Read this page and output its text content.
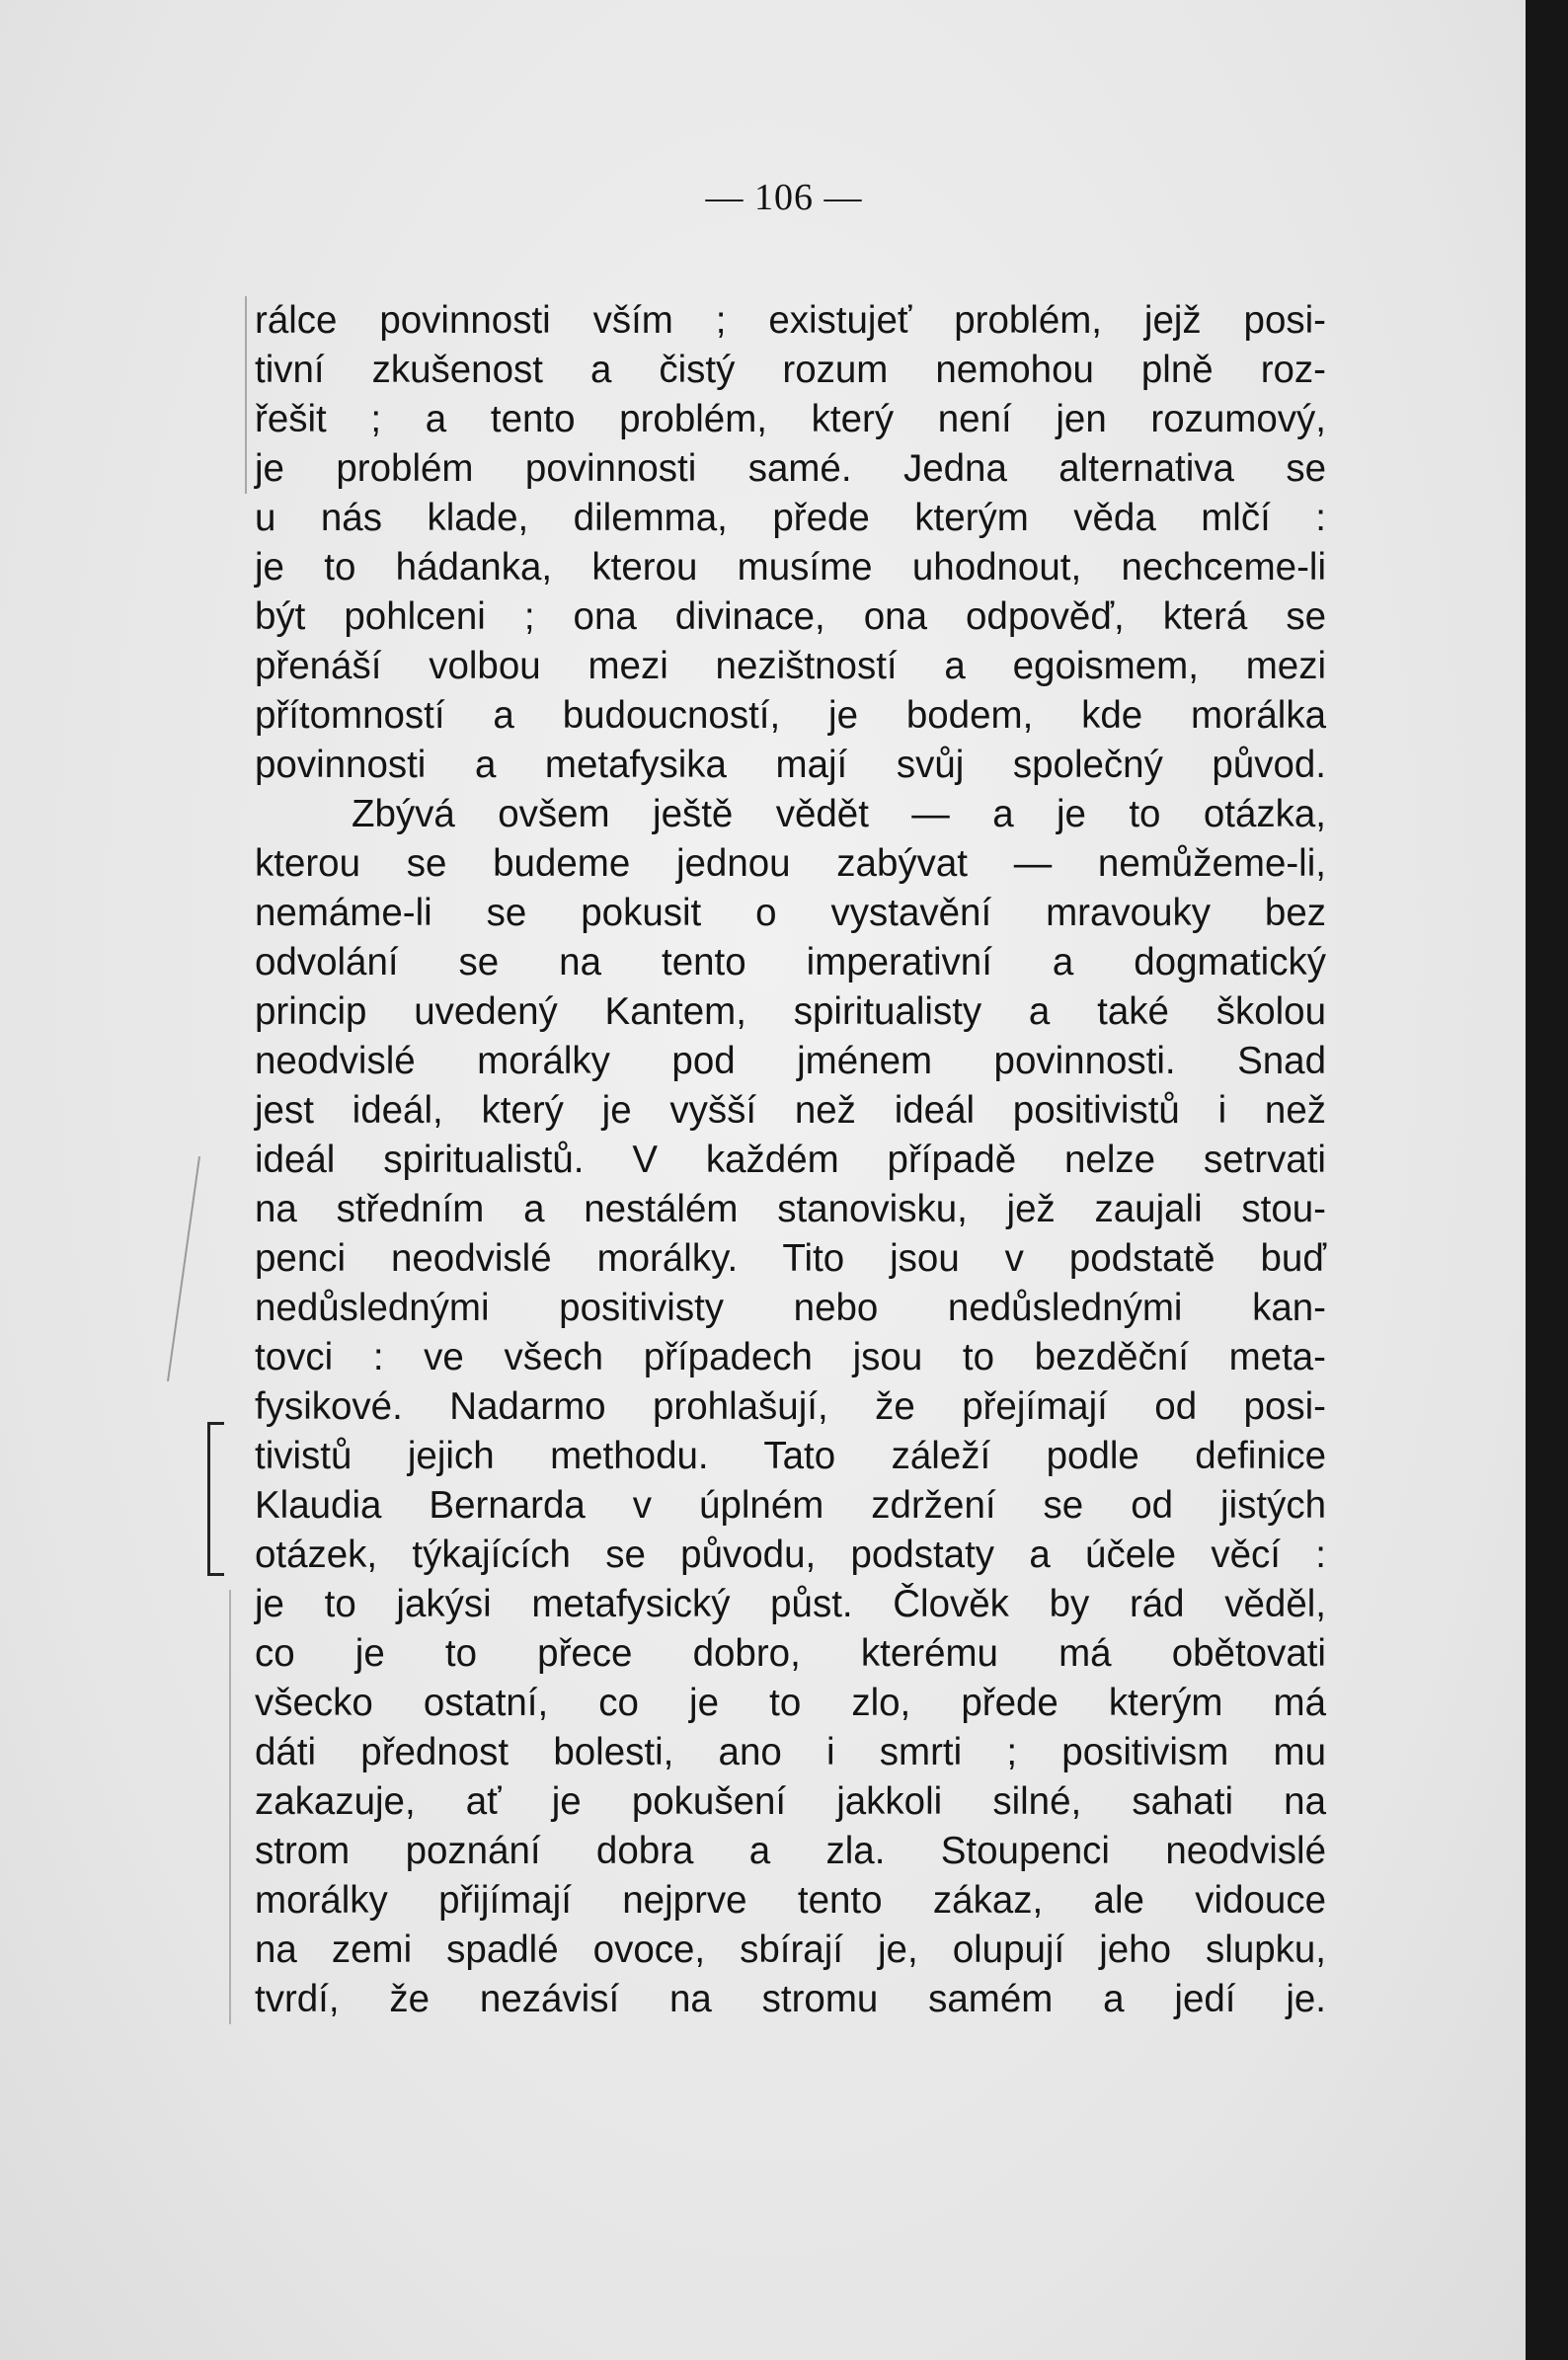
— 106 —
rálce povinnosti vším ; existujeť problém, jejž posi-
tivní zkušenost a čistý rozum nemohou plně roz-
řešit ; a tento problém, který není jen rozumový,
je problém povinnosti samé. Jedna alternativa se
u nás klade, dilemma, přede kterým věda mlčí :
je to hádanka, kterou musíme uhodnout, nechceme-li
být pohlceni ; ona divinace, ona odpověď, která se
přenáší volbou mezi nezištností a egoismem, mezi
přítomností a budoucností, je bodem, kde morálka
povinnosti a metafysika mají svůj společný původ.
Zbývá ovšem ještě vědět — a je to otázka,
kterou se budeme jednou zabývat — nemůžeme-li,
nemáme-li se pokusit o vystavění mravouky bez
odvolání se na tento imperativní a dogmatický
princip uvedený Kantem, spiritualisty a také školou
neodvislé morálky pod jménem povinnosti. Snad
jest ideál, který je vyšší než ideál positivistů i než
ideál spiritualistů. V každém případě nelze setrvati
na středním a nestálém stanovisku, jež zaujali stou-
penci neodvislé morálky. Tito jsou v podstatě buď
nedůslednými positivisty nebo nedůslednými kan-
tovci : ve všech případech jsou to bezděční meta-
fysikové. Nadarmo prohlašují, že přejímají od posi-
tivistů jejich methodu. Tato záleží podle definice
Klaudia Bernarda v úplném zdržení se od jistých
otázek, týkajících se původu, podstaty a účele věcí :
je to jakýsi metafysický půst. Člověk by rád věděl,
co je to přece dobro, kterému má obětovati
všecko ostatní, co je to zlo, přede kterým má
dáti přednost bolesti, ano i smrti ; positivism mu
zakazuje, ať je pokušení jakkoli silné, sahati na
strom poznání dobra a zla. Stoupenci neodvislé
morálky přijímají nejprve tento zákaz, ale vidouce
na zemi spadlé ovoce, sbírají je, olupují jeho slupku,
tvrdí, že nezávisí na stromu samém a jedí je.
